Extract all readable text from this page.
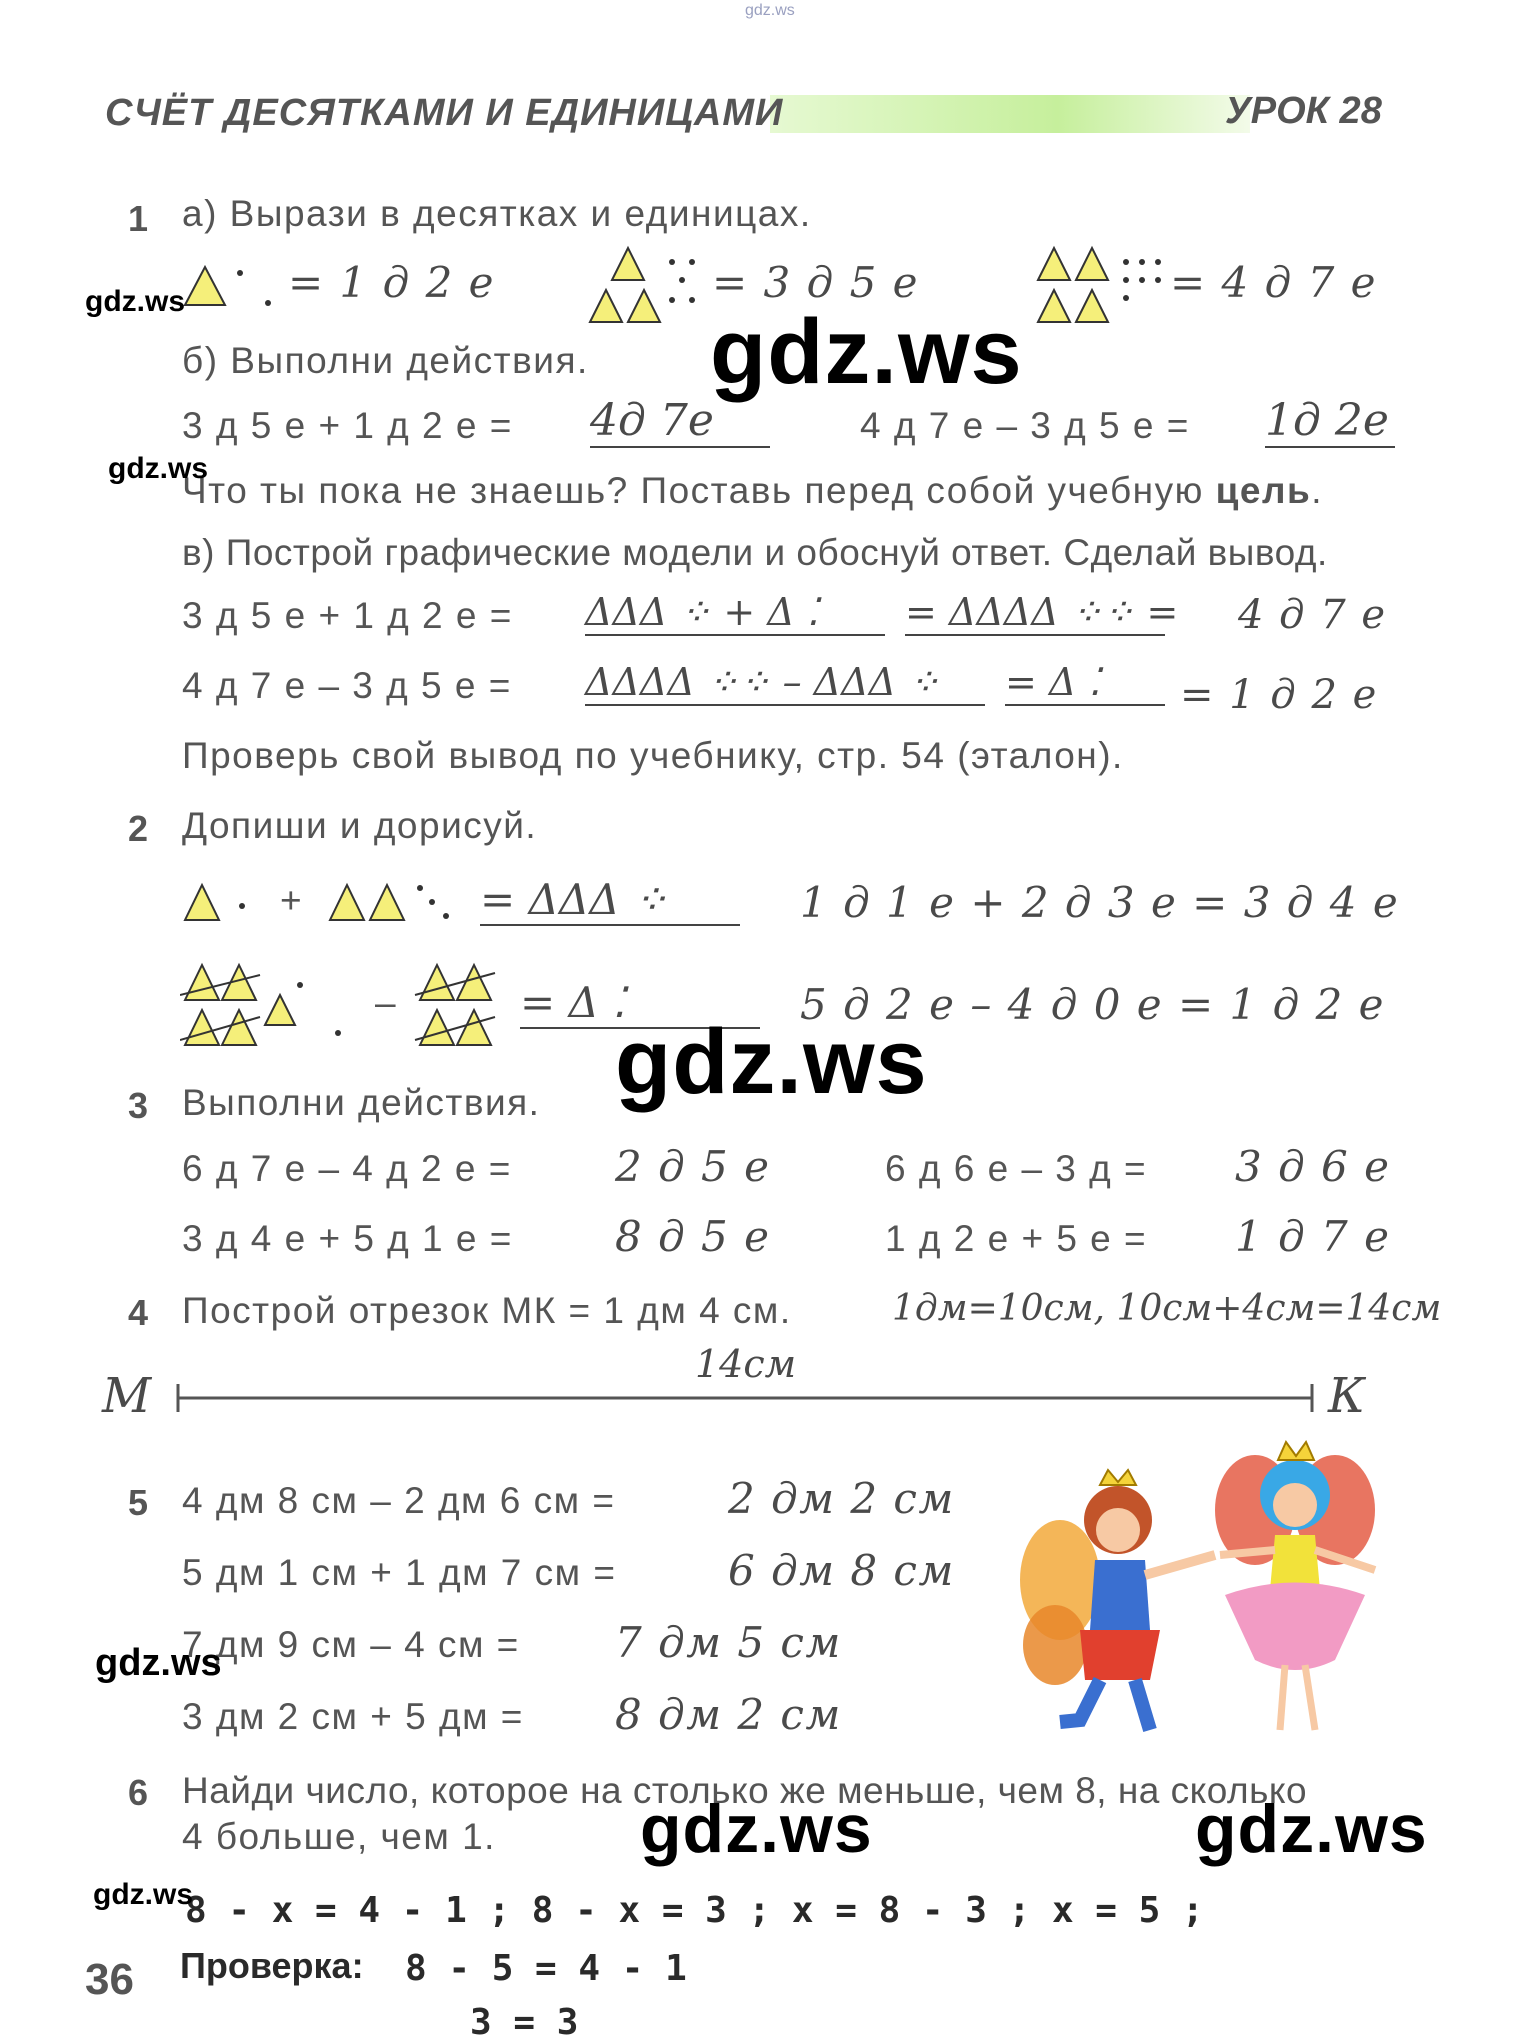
gdz.ws
СЧЁТ ДЕСЯТКАМИ И ЕДИНИЦАМИ	УРОК 28
1 а) Вырази в десятках и единицах.
= 1 д 2 е	= 3 д 5 е	= 4 д 7 е
б) Выполни действия.
3 д 5 е + 1 д 2 е = 4д 7е	4 д 7 е – 3 д 5 е = 1д 2е
Что ты пока не знаешь? Поставь перед собой учебную цель.
в) Построй графические модели и обоснуй ответ. Сделай вывод.
3 д 5 е + 1 д 2 е = ΔΔΔ ⁘ + Δ ⁚	= ΔΔΔΔ ⁘⁘ = 4 д 7 е
4 д 7 е – 3 д 5 е = ΔΔΔΔ ⁘⁘ – ΔΔΔ ⁘	= Δ ⁚	= 1 д 2 е
Проверь свой вывод по учебнику, стр. 54 (эталон).
2 Допиши и дорисуй.
+	= ΔΔΔ ⁘	1 д 1 е + 2 д 3 е = 3 д 4 е
–	= Δ ⁚	5 д 2 е – 4 д 0 е = 1 д 2 е
3 Выполни действия.
6 д 7 е – 4 д 2 е = 2 д 5 е	6 д 6 е – 3 д = 3 д 6 е
3 д 4 е + 5 д 1 е = 8 д 5 е	1 д 2 е + 5 е = 1 д 7 е
4 Построй отрезок МК = 1 дм 4 см.	1дм=10см, 10см+4см=14см
14см
М	К
5 4 дм 8 см – 2 дм 6 см =	2 дм 2 см
5 дм 1 см + 1 дм 7 см =	6 дм 8 см
7 дм 9 см – 4 см = 7 дм 5 см
3 дм 2 см + 5 дм = 8 дм 2 см
6 Найди число, которое на столько же меньше, чем 8, на сколько
4 больше, чем 1.
8 - x = 4 - 1 ; 8 - x = 3 ; x = 8 - 3 ; x = 5 ;
Проверка: 8 - 5 = 4 - 1
3 = 3
36
gdz.ws
gdz.ws
gdz.ws	gdz.ws
gdz.ws
gdz.ws
gdz.ws
gdz.ws
